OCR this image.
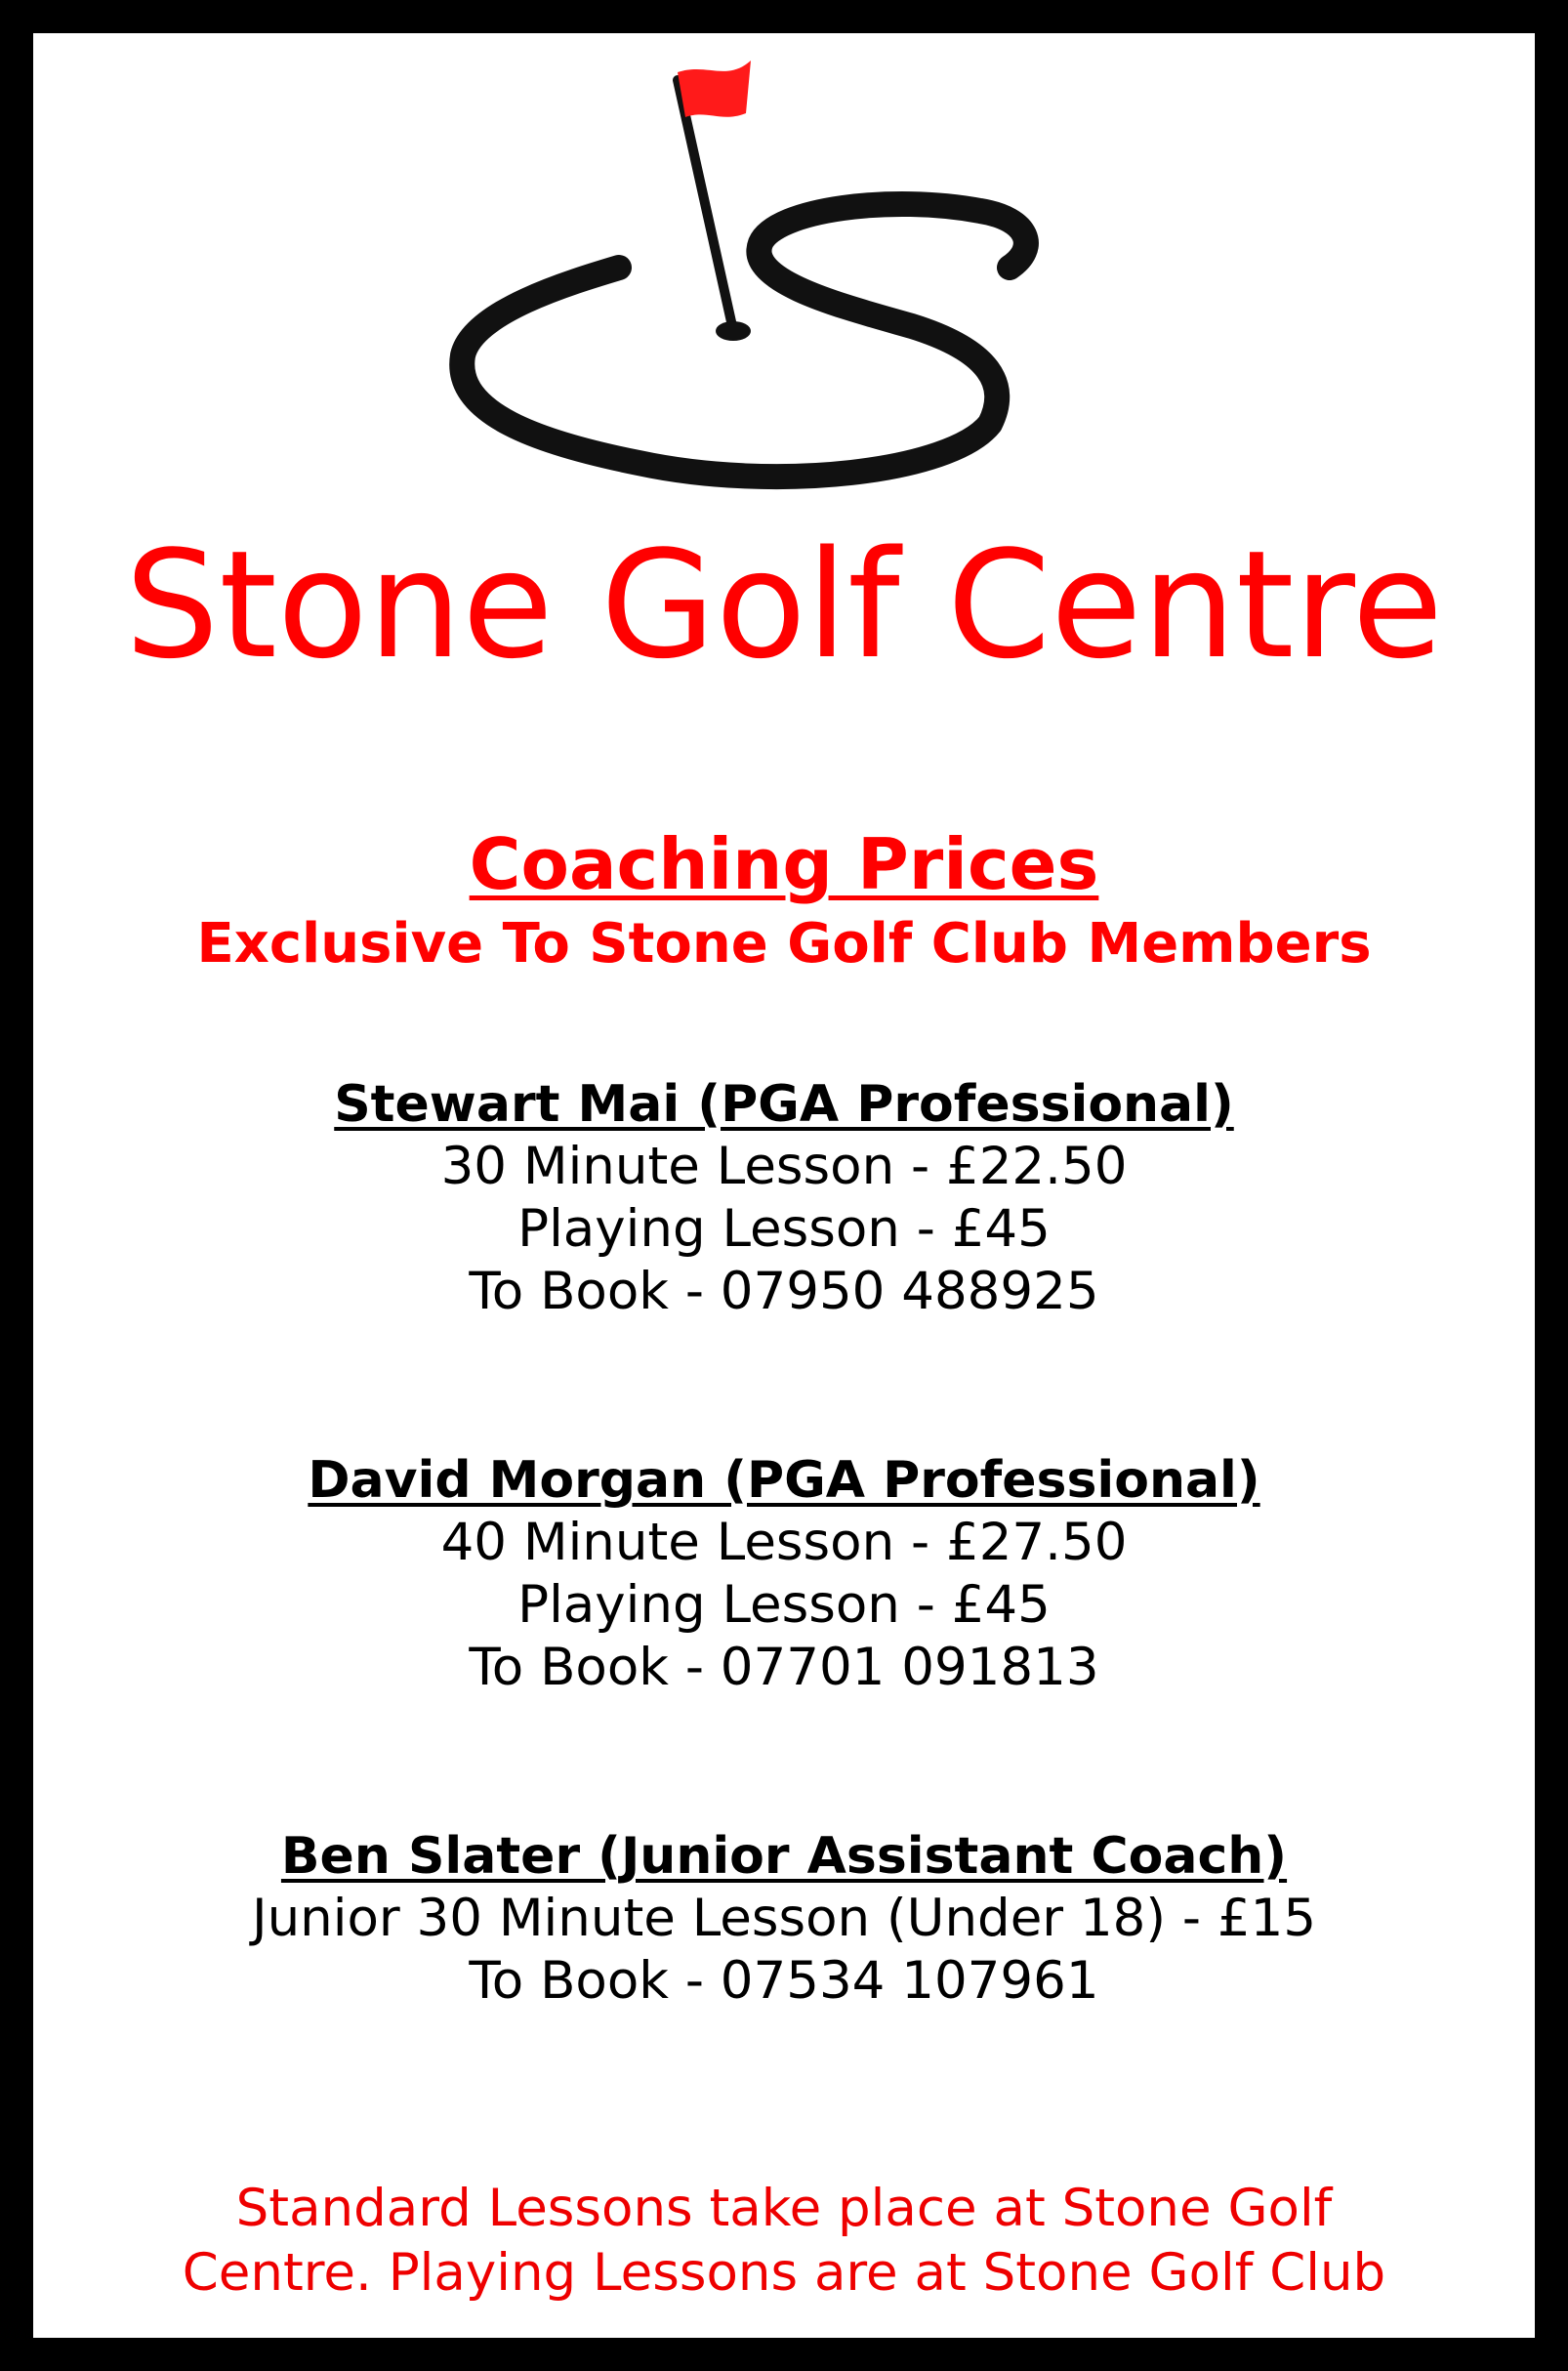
Stone Golf Centre
Coaching Prices
Exclusive To Stone Golf Club Members
Stewart Mai (PGA Professional)
30 Minute Lesson - £22.50
Playing Lesson - £45
To Book - 07950 488925
David Morgan (PGA Professional)
40 Minute Lesson - £27.50
Playing Lesson - £45
To Book - 07701 091813
Ben Slater (Junior Assistant Coach)
Junior 30 Minute Lesson (Under 18) - £15
To Book - 07534 107961
Standard Lessons take place at Stone Golf
Centre. Playing Lessons are at Stone Golf Club
